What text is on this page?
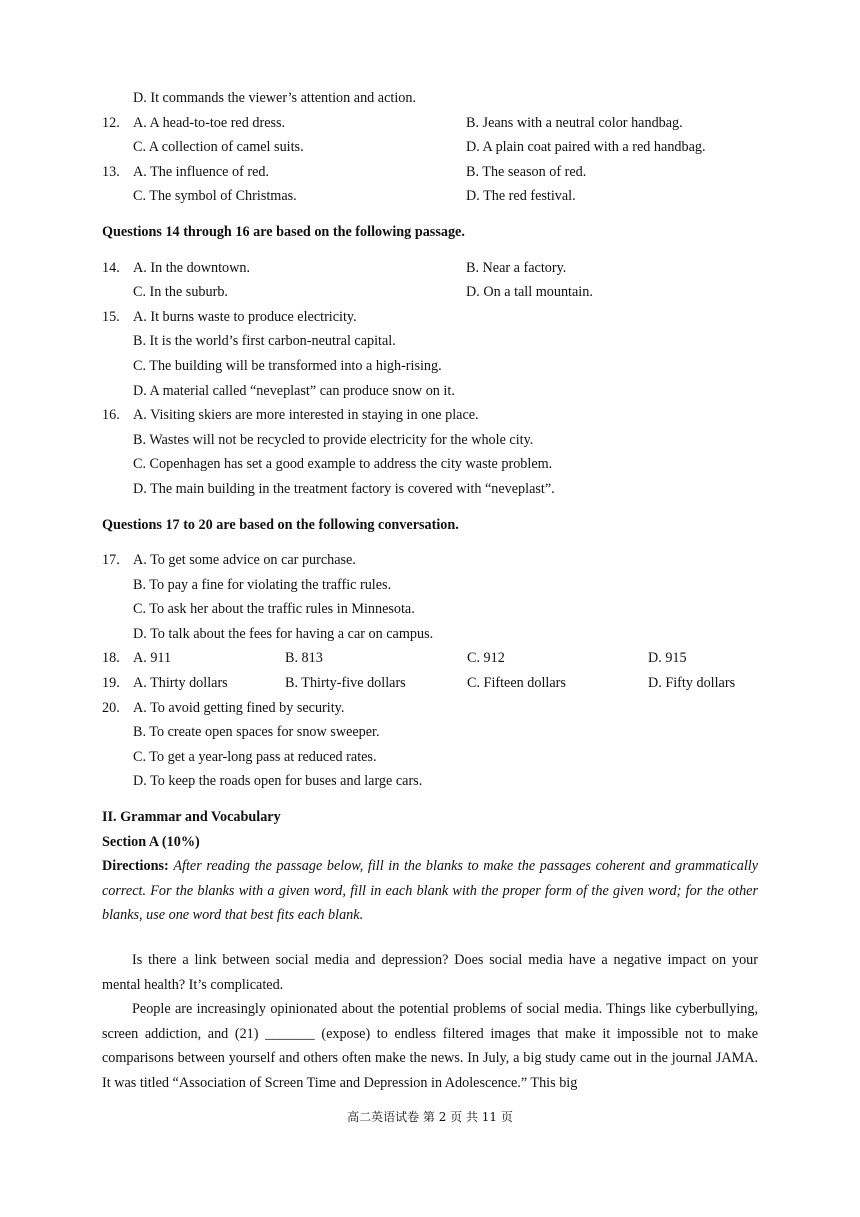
D. It commands the viewer’s attention and action.
12. A. A head-to-toe red dress.	B. Jeans with a neutral color handbag.
C. A collection of camel suits.	D. A plain coat paired with a red handbag.
13. A. The influence of red.	B. The season of red.
C. The symbol of Christmas.	D. The red festival.
Questions 14 through 16 are based on the following passage.
14. A. In the downtown.	B. Near a factory.
C. In the suburb.	D. On a tall mountain.
15. A. It burns waste to produce electricity.
B. It is the world’s first carbon-neutral capital.
C. The building will be transformed into a high-rising.
D. A material called “neveplast” can produce snow on it.
16. A. Visiting skiers are more interested in staying in one place.
B. Wastes will not be recycled to provide electricity for the whole city.
C. Copenhagen has set a good example to address the city waste problem.
D. The main building in the treatment factory is covered with “neveplast”.
Questions 17 to 20 are based on the following conversation.
17. A. To get some advice on car purchase.
B. To pay a fine for violating the traffic rules.
C. To ask her about the traffic rules in Minnesota.
D. To talk about the fees for having a car on campus.
18. A. 911	B. 813	C. 912	D. 915
19. A. Thirty dollars	B. Thirty-five dollars	C. Fifteen dollars	D. Fifty dollars
20. A. To avoid getting fined by security.
B. To create open spaces for snow sweeper.
C. To get a year-long pass at reduced rates.
D. To keep the roads open for buses and large cars.
II. Grammar and Vocabulary
Section A (10%)

Directions: After reading the passage below, fill in the blanks to make the passages coherent and grammatically correct. For the blanks with a given word, fill in each blank with the proper form of the given word; for the other blanks, use one word that best fits each blank.

Is there a link between social media and depression? Does social media have a negative impact on your mental health? It’s complicated.

People are increasingly opinionated about the potential problems of social media. Things like cyberbullying, screen addiction, and (21) _______ (expose) to endless filtered images that make it impossible not to make comparisons between yourself and others often make the news. In July, a big study came out in the journal JAMA. It was titled “Association of Screen Time and Depression in Adolescence.” This big

高二英语试卷 第 2 页 共 11 页
